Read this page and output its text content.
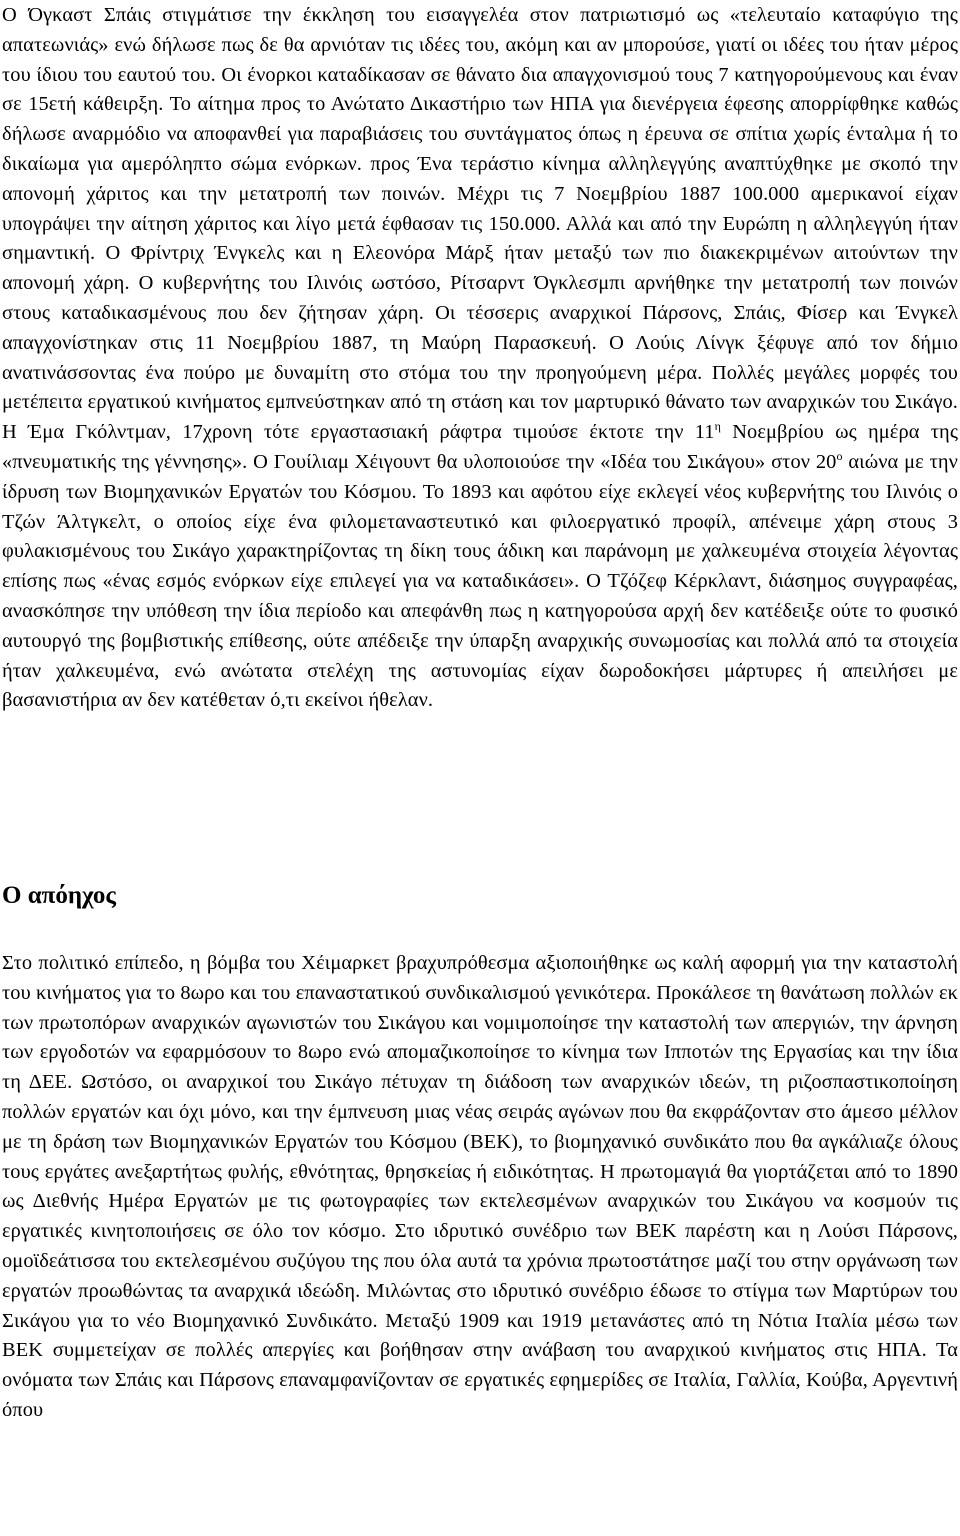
Ο Όγκαστ Σπάις στιγμάτισε την έκκληση του εισαγγελέα στον πατριωτισμό ως «τελευταίο καταφύγιο της απατεωνιάς» ενώ δήλωσε πως δε θα αρνιόταν τις ιδέες του, ακόμη και αν μπορούσε, γιατί οι ιδέες του ήταν μέρος του ίδιου του εαυτού του. Οι ένορκοι καταδίκασαν σε θάνατο δια απαγχονισμού τους 7 κατηγορούμενους και έναν σε 15ετή κάθειρξη. Το αίτημα προς το Ανώτατο Δικαστήριο των ΗΠΑ για διενέργεια έφεσης απορρίφθηκε καθώς δήλωσε αναρμόδιο να αποφανθεί για παραβιάσεις του συντάγματος όπως η έρευνα σε σπίτια χωρίς ένταλμα ή το δικαίωμα για αμερόληπτο σώμα ενόρκων. προς Ένα τεράστιο κίνημα αλληλεγγύης αναπτύχθηκε με σκοπό την απονομή χάριτος και την μετατροπή των ποινών. Μέχρι τις 7 Νοεμβρίου 1887 100.000 αμερικανοί είχαν υπογράψει την αίτηση χάριτος και λίγο μετά έφθασαν τις 150.000. Αλλά και από την Ευρώπη η αλληλεγγύη ήταν σημαντική. Ο Φρίντριχ Ένγκελς και η Ελεονόρα Μάρξ ήταν μεταξύ των πιο διακεκριμένων αιτούντων την απονομή χάρη. Ο κυβερνήτης του Ιλινόις ωστόσο, Ρίτσαρντ Όγκλεσμπι αρνήθηκε την μετατροπή των ποινών στους καταδικασμένους που δεν ζήτησαν χάρη. Οι τέσσερις αναρχικοί Πάρσονς, Σπάις, Φίσερ και Ένγκελ απαγχονίστηκαν στις 11 Νοεμβρίου 1887, τη Μαύρη Παρασκευή. Ο Λούις Λίνγκ ξέφυγε από τον δήμιο ανατινάσσοντας ένα πούρο με δυναμίτη στο στόμα του την προηγούμενη μέρα. Πολλές μεγάλες μορφές του μετέπειτα εργατικού κινήματος εμπνεύστηκαν από τη στάση και τον μαρτυρικό θάνατο των αναρχικών του Σικάγο. Η Έμα Γκόλντμαν, 17χρονη τότε εργαστασιακή ράφτρα τιμούσε έκτοτε την $11^\eta$ Νοεμβρίου ως ημέρα της «πνευματικής της γέννησης». Ο Γουίλιαμ Χέιγουντ θα υλοποιούσε την «Ιδέα του Σικάγου» στον $20^o$ αιώνα με την ίδρυση των Βιομηχανικών Εργατών του Κόσμου. Το 1893 και αφότου είχε εκλεγεί νέος κυβερνήτης του Ιλινόις ο Τζών Άλτγκελτ, ο οποίος είχε ένα φιλομεταναστευτικό και φιλοεργατικό προφίλ, απένειμε χάρη στους 3 φυλακισμένους του Σικάγο χαρακτηρίζοντας τη δίκη τους άδικη και παράνομη με χαλκευμένα στοιχεία λέγοντας επίσης πως «ένας εσμός ενόρκων είχε επιλεγεί για να καταδικάσει». Ο Τζόζεφ Κέρκλαντ, διάσημος συγγραφέας, ανασκόπησε την υπόθεση την ίδια περίοδο και απεφάνθη πως η κατηγορούσα αρχή δεν κατέδειξε ούτε το φυσικό αυτουργό της βομβιστικής επίθεσης, ούτε απέδειξε την ύπαρξη αναρχικής συνωμοσίας και πολλά από τα στοιχεία ήταν χαλκευμένα, ενώ ανώτατα στελέχη της αστυνομίας είχαν δωροδοκήσει μάρτυρες ή απειλήσει με βασανιστήρια αν δεν κατέθεταν ό,τι εκείνοι ήθελαν.

Ο απόηχος

Στο πολιτικό επίπεδο, η βόμβα του Χέιμαρκετ βραχυπρόθεσμα αξιοποιήθηκε ως καλή αφορμή για την καταστολή του κινήματος για το 8ωρο και του επαναστατικού συνδικαλισμού γενικότερα. Προκάλεσε τη θανάτωση πολλών εκ των πρωτοπόρων αναρχικών αγωνιστών του Σικάγου και νομιμοποίησε την καταστολή των απεργιών, την άρνηση των εργοδοτών να εφαρμόσουν το 8ωρο ενώ απομαζικοποίησε το κίνημα των Ιπποτών της Εργασίας και την ίδια τη ΔΕΕ. Ωστόσο, οι αναρχικοί του Σικάγο πέτυχαν τη διάδοση των αναρχικών ιδεών, τη ριζοσπαστικοποίηση πολλών εργατών και όχι μόνο, και την έμπνευση μιας νέας σειράς αγώνων που θα εκφράζονταν στο άμεσο μέλλον με τη δράση των Βιομηχανικών Εργατών του Κόσμου (ΒΕΚ), το βιομηχανικό συνδικάτο που θα αγκάλιαζε όλους τους εργάτες ανεξαρτήτως φυλής, εθνότητας, θρησκείας ή ειδικότητας. Η πρωτομαγιά θα γιορτάζεται από το 1890 ως Διεθνής Ημέρα Εργατών με τις φωτογραφίες των εκτελεσμένων αναρχικών του Σικάγου να κοσμούν τις εργατικές κινητοποιήσεις σε όλο τον κόσμο. Στο ιδρυτικό συνέδριο των ΒΕΚ παρέστη και η Λούσι Πάρσονς, ομοϊδεάτισσα του εκτελεσμένου συζύγου της που όλα αυτά τα χρόνια πρωτοστάτησε μαζί του στην οργάνωση των εργατών προωθώντας τα αναρχικά ιδεώδη. Μιλώντας στο ιδρυτικό συνέδριο έδωσε το στίγμα των Μαρτύρων του Σικάγου για το νέο Βιομηχανικό Συνδικάτο. Μεταξύ 1909 και 1919 μετανάστες από τη Νότια Ιταλία μέσω των ΒΕΚ συμμετείχαν σε πολλές απεργίες και βοήθησαν στην ανάβαση του αναρχικού κινήματος στις ΗΠΑ. Τα ονόματα των Σπάις και Πάρσονς επαναμφανίζονταν σε εργατικές εφημερίδες σε Ιταλία, Γαλλία, Κούβα, Αργεντινή όπου
